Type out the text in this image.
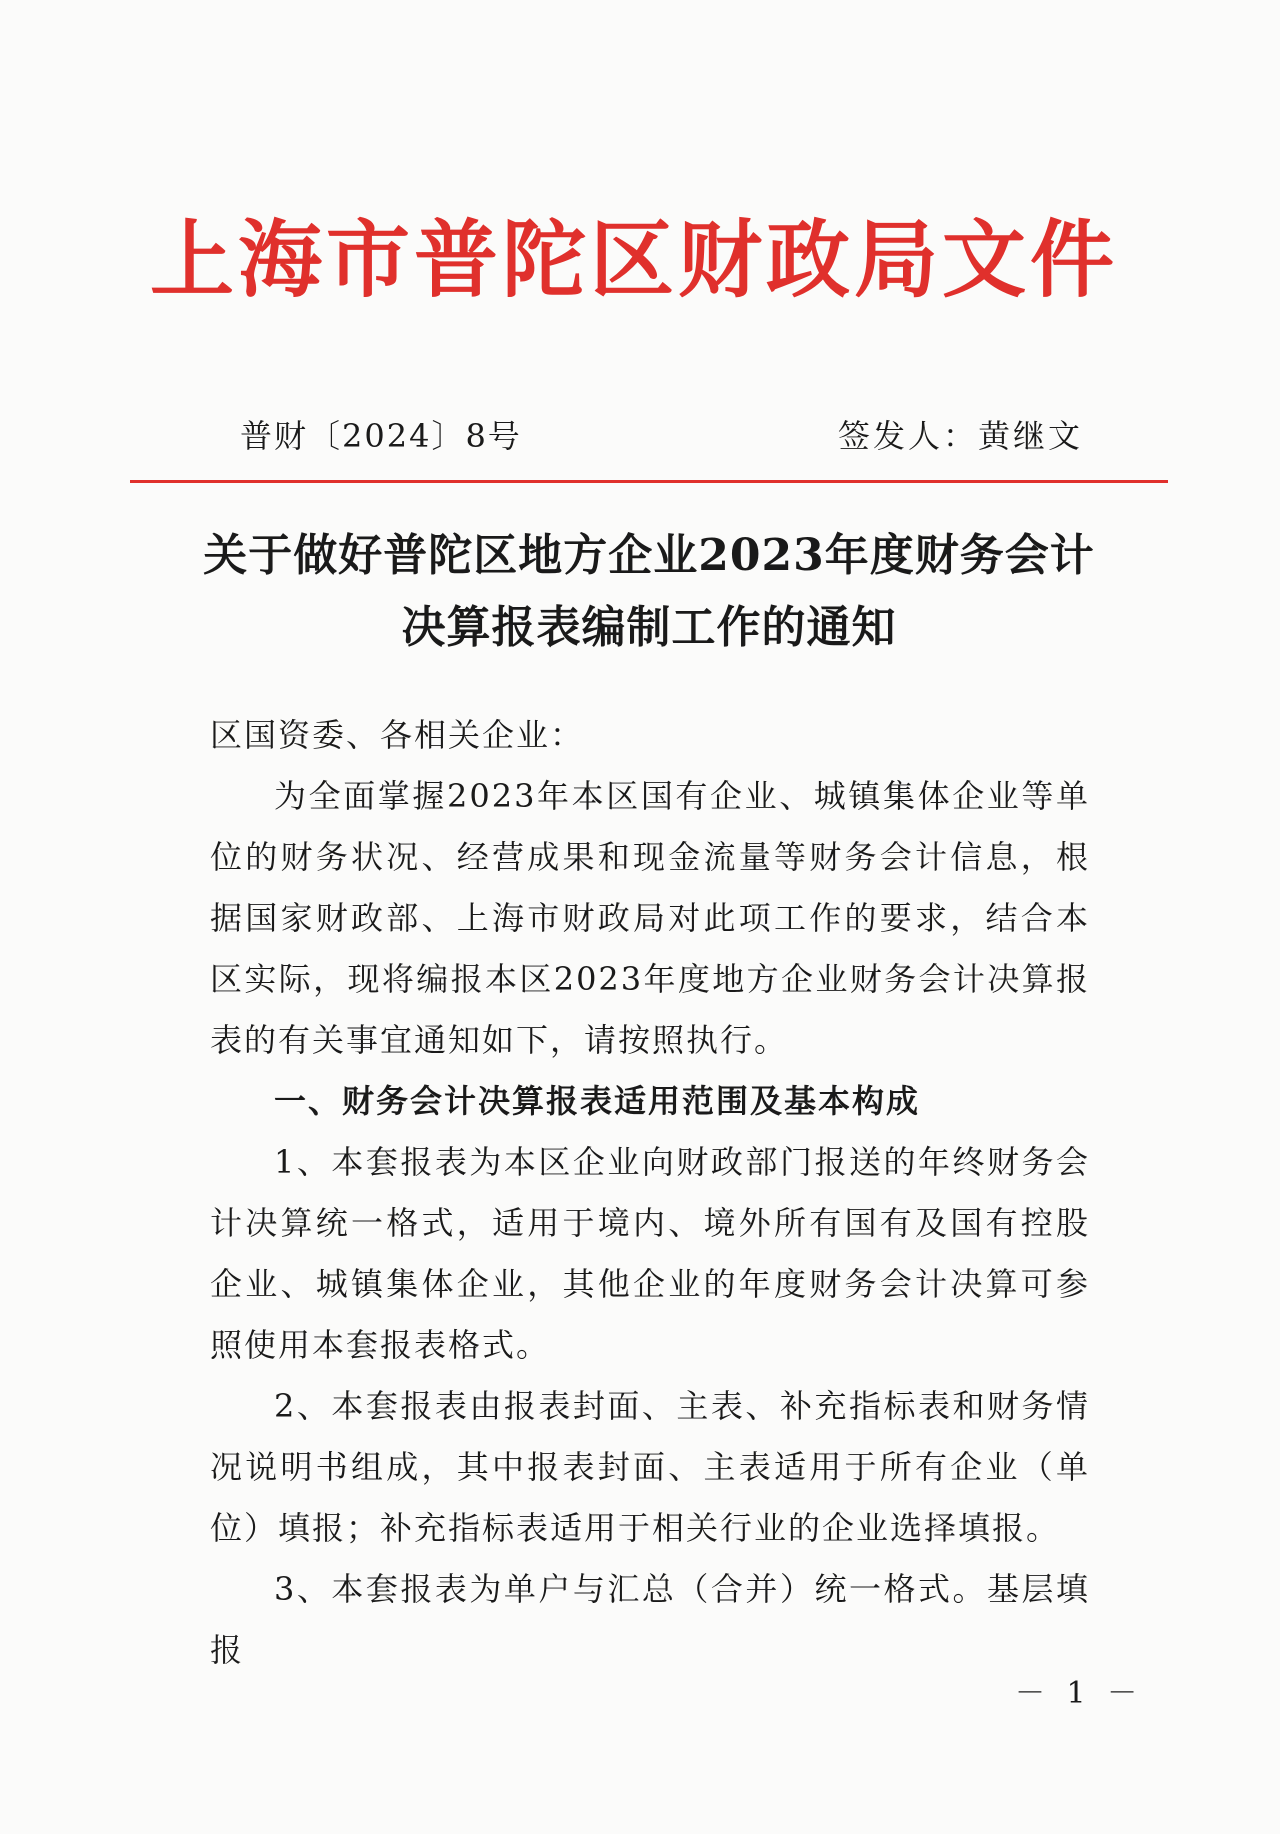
上海市普陀区财政局文件
普财〔2024〕8号	签发人：黄继文
关于做好普陀区地方企业2023年度财务会计
决算报表编制工作的通知

区国资委、各相关企业：

为全面掌握2023年本区国有企业、城镇集体企业等单位的财务状况、经营成果和现金流量等财务会计信息，根据国家财政部、上海市财政局对此项工作的要求，结合本区实际，现将编报本区2023年度地方企业财务会计决算报表的有关事宜通知如下，请按照执行。

一、财务会计决算报表适用范围及基本构成

1、本套报表为本区企业向财政部门报送的年终财务会计决算统一格式，适用于境内、境外所有国有及国有控股企业、城镇集体企业，其他企业的年度财务会计决算可参照使用本套报表格式。

2、本套报表由报表封面、主表、补充指标表和财务情况说明书组成，其中报表封面、主表适用于所有企业（单位）填报；补充指标表适用于相关行业的企业选择填报。

3、本套报表为单户与汇总（合并）统一格式。基层填报

－ 1 －
